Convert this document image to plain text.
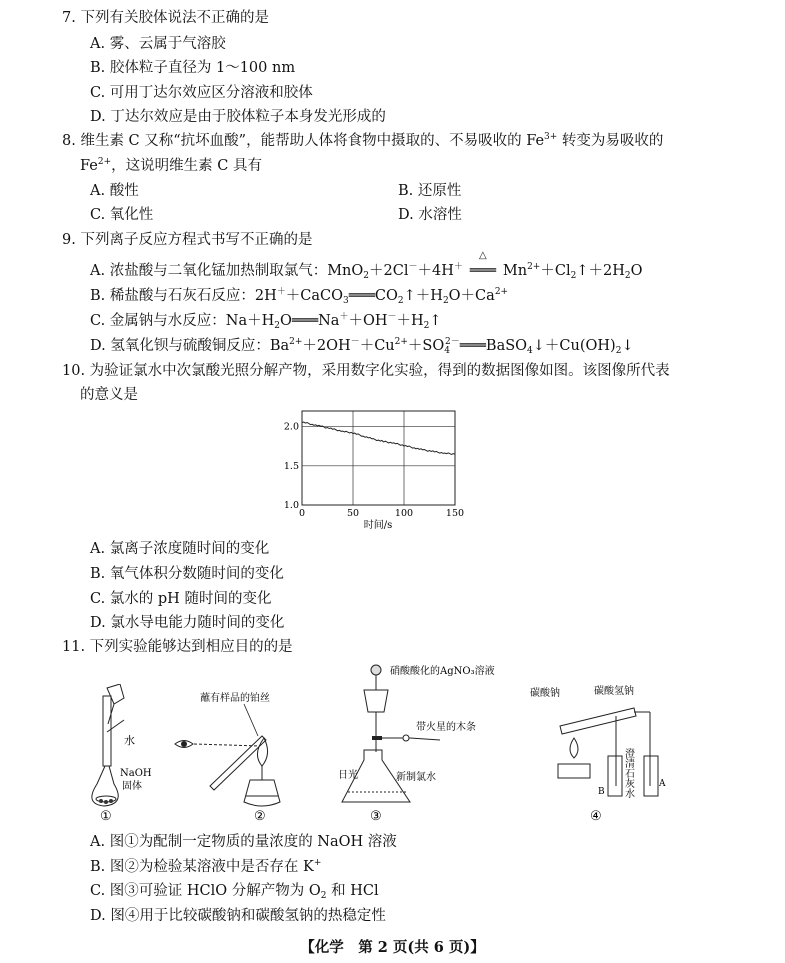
7. 下列有关胶体说法不正确的是
A. 雾、云属于气溶胶
B. 胶体粒子直径为 1～100 nm
C. 可用丁达尔效应区分溶液和胶体
D. 丁达尔效应是由于胶体粒子本身发光形成的
8. 维生素 C 又称“抗坏血酸”，能帮助人体将食物中摄取的、不易吸收的 $Fe^{3+}$ 转变为易吸收的
$Fe^{2+}$，这说明维生素 C 具有
A. 酸性	B. 还原性
C. 氧化性	D. 水溶性
9. 下列离子反应方程式书写不正确的是
A. 浓盐酸与二氧化锰加热制取氯气：MnO$_2$＋2Cl－＋4H＋
△
═══ $Mn^{2+}+Cl_2↑+2H_2O$
B. 稀盐酸与石灰石反应：$2H^++CaCO_3═══CO_2↑+H_2O+Ca^{2+}$
C. 金属钠与水反应：$Na+H_2O═══Na^++OH^-+H_2↑$
D. 氢氧化钡与硫酸铜反应：$Ba^{2+}+2OH^-+Cu^{2+}+SO_4^{2-}═══BaSO_4↓+Cu(OH)_2↓$
10. 为验证氯水中次氯酸光照分解产物，采用数字化实验，得到的数据图像如图。该图像所代表
的意义是
0	50	100	150
1.0
1.5
2.0
时间/s
A. 氯离子浓度随时间的变化
B. 氧气体积分数随时间的变化
C. 氯水的 pH 随时间的变化
D. 氯水导电能力随时间的变化
11. 下列实验能够达到相应目的的是
水
NaOH
固体
①
蘸有样品的铂丝
②
硝酸酸化的AgNO₃溶液
带火星的木条
日光	新制氯水
③
碳酸钠	碳酸氢钠
澄清石灰水
B
A
④
A. 图①为配制一定物质的量浓度的 NaOH 溶液
B. 图②为检验某溶液中是否存在 K+
C. 图③可验证 HClO 分解产物为 $O_2$ 和 HCl
D. 图④用于比较碳酸钠和碳酸氢钠的热稳定性
【化学　第 2 页(共 6 页)】
